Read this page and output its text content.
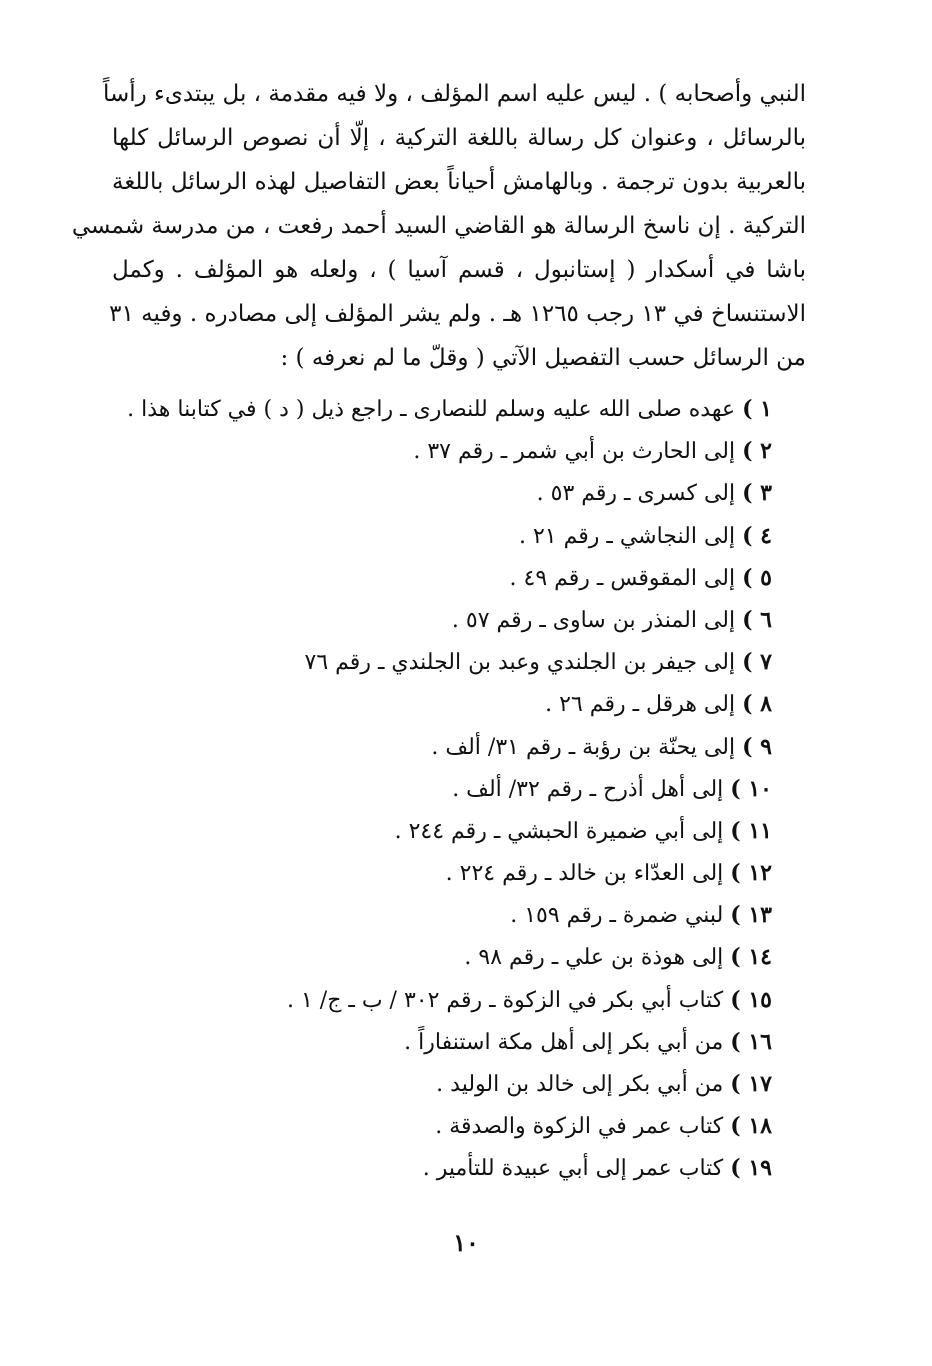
النبي وأصحابه ) . ليس عليه اسم المؤلف ، ولا فيه مقدمة ، بل يبتدىء رأساً
بالرسائل ، وعنوان كل رسالة باللغة التركية ، إلّا أن نصوص الرسائل كلها
بالعربية بدون ترجمة . وبالهامش أحياناً بعض التفاصيل لهذه الرسائل باللغة
التركية . إن ناسخ الرسالة هو القاضي السيد أحمد رفعت ، من مدرسة شمسي
باشا في أسكدار ( إستانبول ، قسم آسيا ) ، ولعله هو المؤلف . وكمل
الاستنساخ في ١٣ رجب ١٢٦٥ هـ . ولم يشر المؤلف إلى مصادره . وفيه ٣١
من الرسائل حسب التفصيل الآتي ( وقلّ ما لم نعرفه ) :
١ ) عهده صلى الله عليه وسلم للنصارى ـ راجع ذيل ( د ) في كتابنا هذا .
٢ ) إلى الحارث بن أبي شمر ـ رقم ٣٧ .
٣ ) إلى كسرى ـ رقم ٥٣ .
٤ ) إلى النجاشي ـ رقم ٢١ .
٥ ) إلى المقوقس ـ رقم ٤٩ .
٦ ) إلى المنذر بن ساوى ـ رقم ٥٧ .
٧ ) إلى جيفر بن الجلندي وعبد بن الجلندي ـ رقم ٧٦
٨ ) إلى هرقل ـ رقم ٢٦ .
٩ ) إلى يحنّة بن رؤبة ـ رقم ٣١/ ألف .
١٠ ) إلى أهل أذرح ـ رقم ٣٢/ ألف .
١١ ) إلى أبي ضميرة الحبشي ـ رقم ٢٤٤ .
١٢ ) إلى العدّاء بن خالد ـ رقم ٢٢٤ .
١٣ ) لبني ضمرة ـ رقم ١٥٩ .
١٤ ) إلى هوذة بن علي ـ رقم ٩٨ .
١٥ ) كتاب أبي بكر في الزكوة ـ رقم ٣٠٢ / ب ـ ج/ ١ .
١٦ ) من أبي بكر إلى أهل مكة استنفاراً .
١٧ ) من أبي بكر إلى خالد بن الوليد .
١٨ ) كتاب عمر في الزكوة والصدقة .
١٩ ) كتاب عمر إلى أبي عبيدة للتأمير .
١٠
